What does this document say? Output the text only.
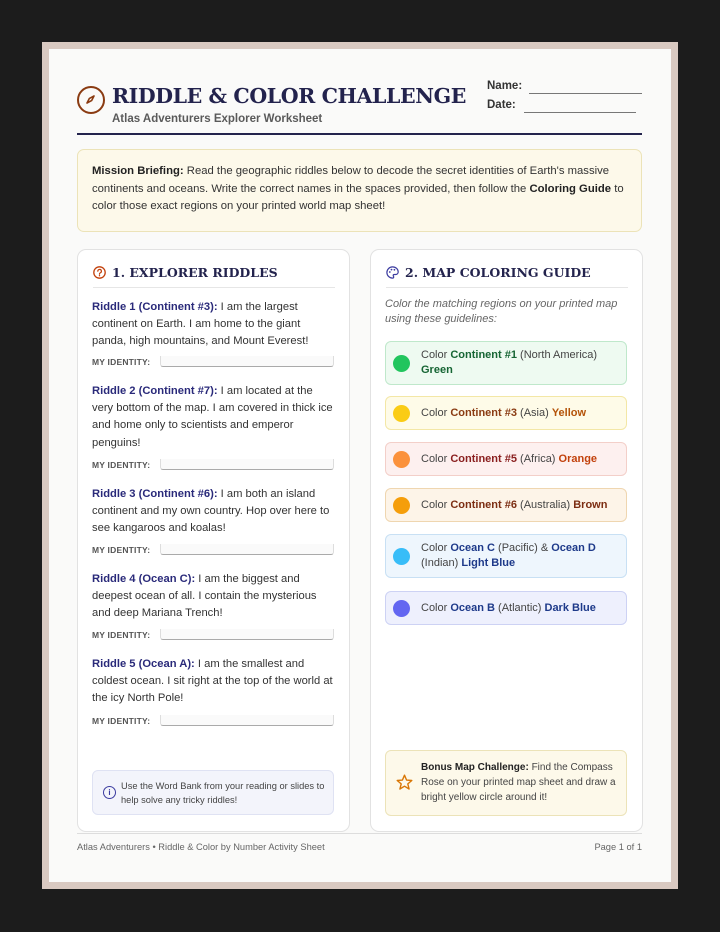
RIDDLE & COLOR CHALLENGE
Atlas Adventurers Explorer Worksheet
Name:
Date:
Mission Briefing: Read the geographic riddles below to decode the secret identities of Earth's massive continents and oceans. Write the correct names in the spaces provided, then follow the Coloring Guide to color those exact regions on your printed world map sheet!
1. EXPLORER RIDDLES
Riddle 1 (Continent #3): I am the largest continent on Earth. I am home to the giant panda, high mountains, and Mount Everest!
MY IDENTITY:
Riddle 2 (Continent #7): I am located at the very bottom of the map. I am covered in thick ice and home only to scientists and emperor penguins!
MY IDENTITY:
Riddle 3 (Continent #6): I am both an island continent and my own country. Hop over here to see kangaroos and koalas!
MY IDENTITY:
Riddle 4 (Ocean C): I am the biggest and deepest ocean of all. I contain the mysterious and deep Mariana Trench!
MY IDENTITY:
Riddle 5 (Ocean A): I am the smallest and coldest ocean. I sit right at the top of the world at the icy North Pole!
MY IDENTITY:
i
Use the Word Bank from your reading or slides to help solve any tricky riddles!
2. MAP COLORING GUIDE
Color the matching regions on your printed map using these guidelines:
Color Continent #1 (North America) Green
Color Continent #3 (Asia) Yellow
Color Continent #5 (Africa) Orange
Color Continent #6 (Australia) Brown
Color Ocean C (Pacific) & Ocean D (Indian) Light Blue
Color Ocean B (Atlantic) Dark Blue
Bonus Map Challenge: Find the Compass Rose on your printed map sheet and draw a bright yellow circle around it!
Atlas Adventurers • Riddle & Color by Number Activity Sheet	Page 1 of 1
